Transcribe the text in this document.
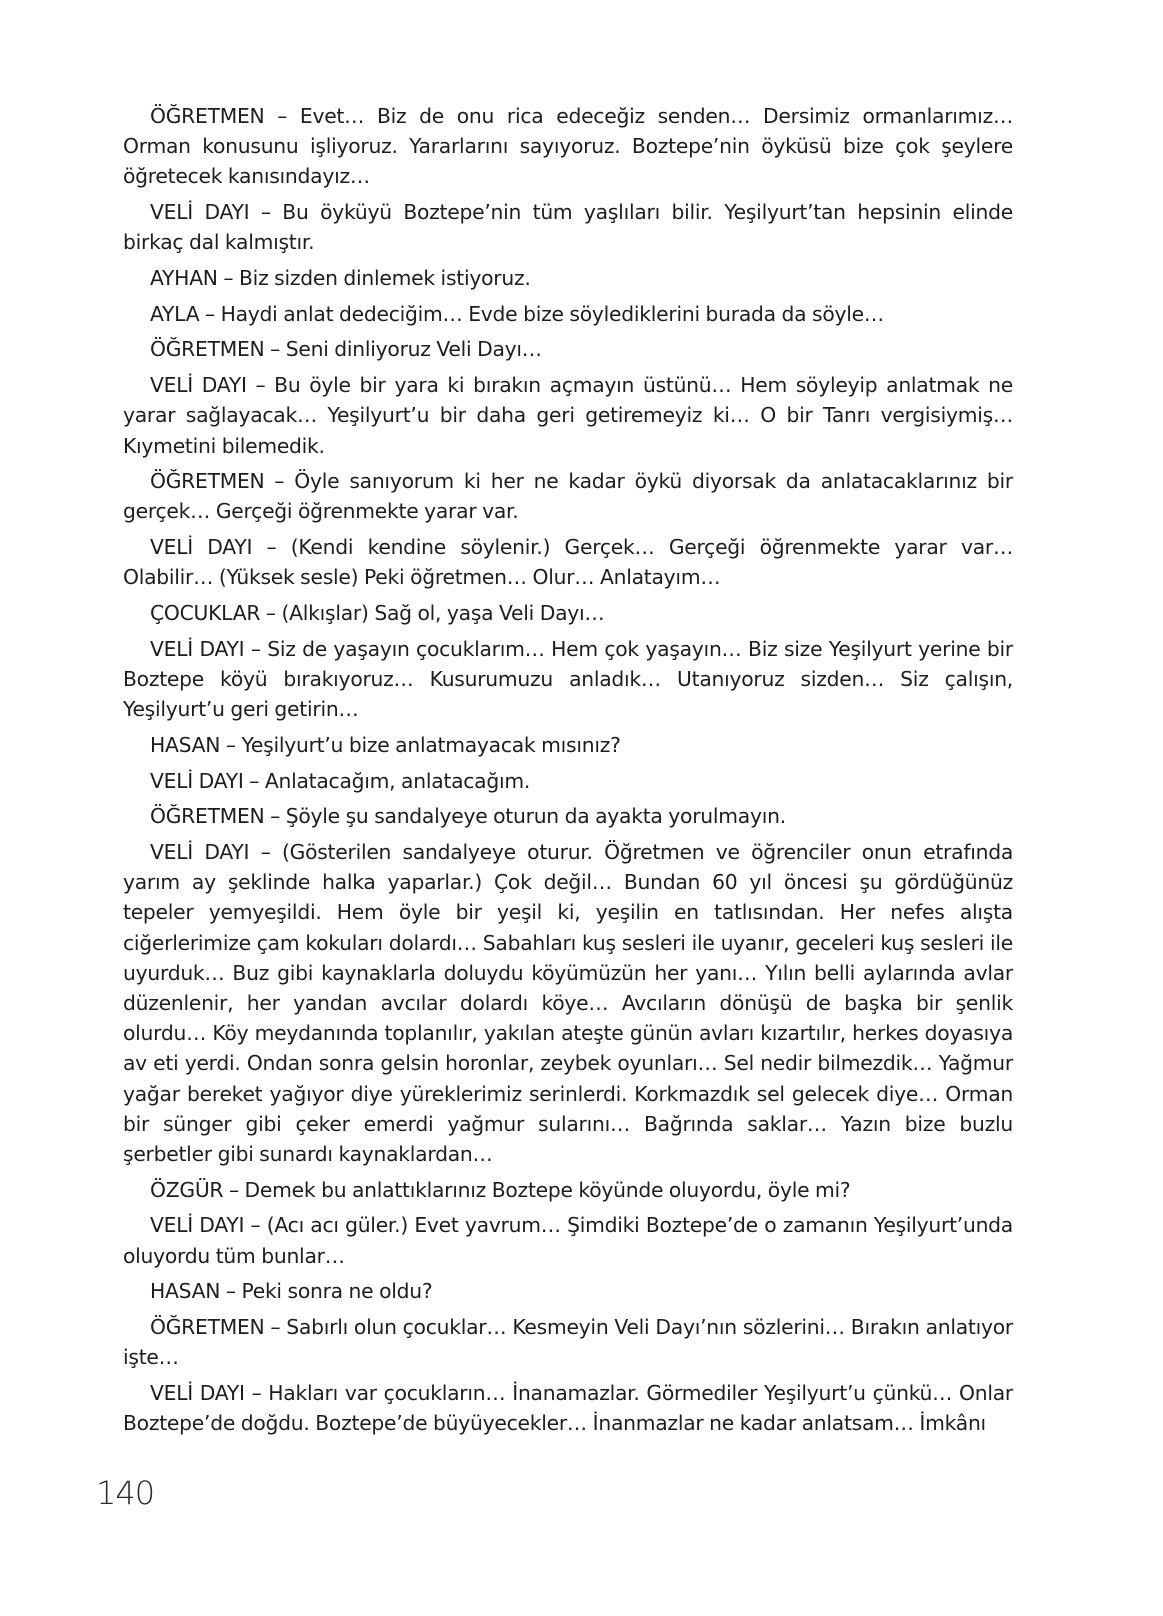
ÖĞRETMEN – Evet… Biz de onu rica edeceğiz senden… Dersimiz ormanlarımız… Orman konusunu işliyoruz. Yararlarını sayıyoruz. Boztepe’nin öyküsü bize çok şeylere öğretecek kanısındayız…

VELİ DAYI – Bu öyküyü Boztepe’nin tüm yaşlıları bilir. Yeşilyurt’tan hepsinin elinde birkaç dal kalmıştır.

AYHAN – Biz sizden dinlemek istiyoruz.

AYLA – Haydi anlat dedeciğim… Evde bize söylediklerini burada da söyle…

ÖĞRETMEN – Seni dinliyoruz Veli Dayı…

VELİ DAYI – Bu öyle bir yara ki bırakın açmayın üstünü… Hem söyleyip anlatmak ne yarar sağlayacak… Yeşilyurt’u bir daha geri getiremeyiz ki… O bir Tanrı vergisiymiş… Kıymetini bilemedik.

ÖĞRETMEN – Öyle sanıyorum ki her ne kadar öykü diyorsak da anlatacaklarınız bir gerçek… Gerçeği öğrenmekte yarar var.

VELİ DAYI – (Kendi kendine söylenir.) Gerçek… Gerçeği öğrenmekte yarar var… Olabilir… (Yüksek sesle) Peki öğretmen… Olur… Anlatayım…

ÇOCUKLAR – (Alkışlar) Sağ ol, yaşa Veli Dayı…

VELİ DAYI – Siz de yaşayın çocuklarım… Hem çok yaşayın… Biz size Yeşilyurt yerine bir Boztepe köyü bırakıyoruz… Kusurumuzu anladık… Utanıyoruz sizden… Siz çalışın, Yeşilyurt’u geri getirin…

HASAN – Yeşilyurt’u bize anlatmayacak mısınız?

VELİ DAYI – Anlatacağım, anlatacağım.

ÖĞRETMEN – Şöyle şu sandalyeye oturun da ayakta yorulmayın.

VELİ DAYI – (Gösterilen sandalyeye oturur. Öğretmen ve öğrenciler onun etrafında yarım ay şeklinde halka yaparlar.) Çok değil… Bundan 60 yıl öncesi şu gördüğünüz tepeler yemyeşildi. Hem öyle bir yeşil ki, yeşilin en tatlısından. Her nefes alışta ciğerlerimize çam kokuları dolardı… Sabahları kuş sesleri ile uyanır, geceleri kuş sesleri ile uyurduk… Buz gibi kaynaklarla doluydu köyümüzün her yanı… Yılın belli aylarında avlar düzenlenir, her yandan avcılar dolardı köye… Avcıların dönüşü de başka bir şenlik olurdu… Köy meydanında toplanılır, yakılan ateşte günün avları kızartılır, herkes doyasıya av eti yerdi. Ondan sonra gelsin horonlar, zeybek oyunları… Sel nedir bilmezdik… Yağmur yağar bereket yağıyor diye yüreklerimiz serinlerdi. Korkmazdık sel gelecek diye… Orman bir sünger gibi çeker emerdi yağmur sularını… Bağrında saklar… Yazın bize buzlu şerbetler gibi sunardı kaynaklardan…

ÖZGÜR – Demek bu anlattıklarınız Boztepe köyünde oluyordu, öyle mi?

VELİ DAYI – (Acı acı güler.) Evet yavrum… Şimdiki Boztepe’de o zamanın Yeşilyurt’unda oluyordu tüm bunlar…

HASAN – Peki sonra ne oldu?

ÖĞRETMEN – Sabırlı olun çocuklar… Kesmeyin Veli Dayı’nın sözlerini… Bırakın anlatıyor işte…

VELİ DAYI – Hakları var çocukların… İnanamazlar. Görmediler Yeşilyurt’u çünkü… Onlar Boztepe’de doğdu. Boztepe’de büyüyecekler… İnanmazlar ne kadar anlatsam… İmkânı

140
